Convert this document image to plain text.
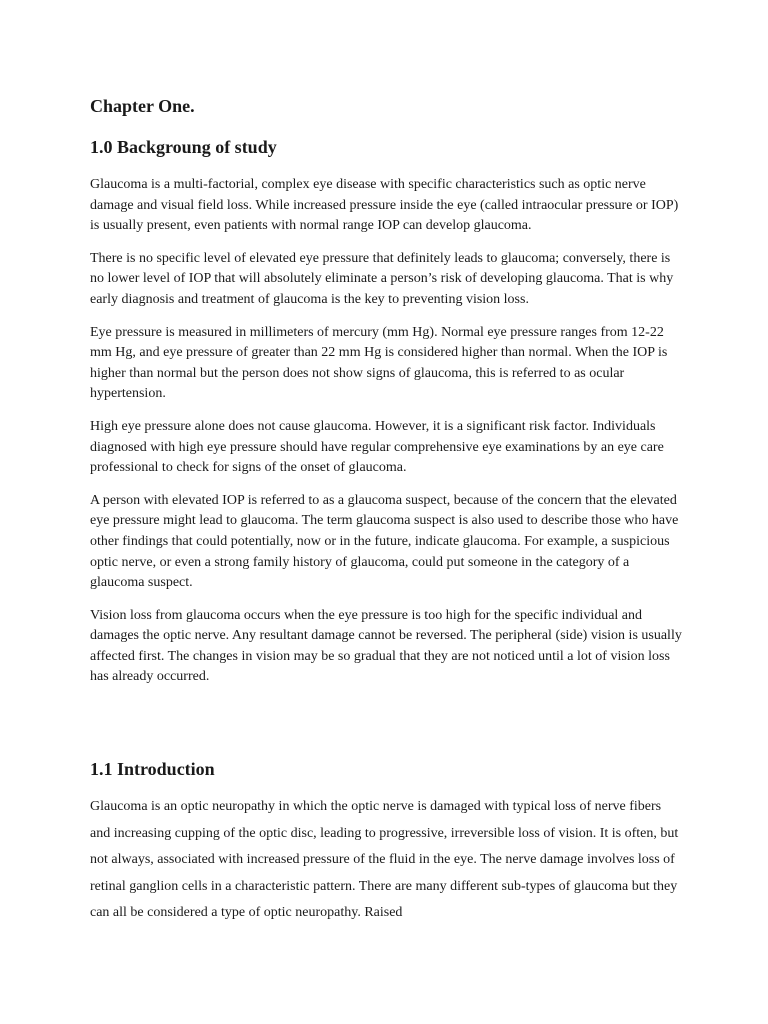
Chapter One.
1.0 Backgroung of study

Glaucoma is a multi-factorial, complex eye disease with specific characteristics such as optic nerve damage and visual field loss. While increased pressure inside the eye (called intraocular pressure or IOP) is usually present, even patients with normal range IOP can develop glaucoma.

There is no specific level of elevated eye pressure that definitely leads to glaucoma; conversely, there is no lower level of IOP that will absolutely eliminate a person’s risk of developing glaucoma. That is why early diagnosis and treatment of glaucoma is the key to preventing vision loss.

Eye pressure is measured in millimeters of mercury (mm Hg). Normal eye pressure ranges from 12-22 mm Hg, and eye pressure of greater than 22 mm Hg is considered higher than normal. When the IOP is higher than normal but the person does not show signs of glaucoma, this is referred to as ocular hypertension.

High eye pressure alone does not cause glaucoma. However, it is a significant risk factor. Individuals diagnosed with high eye pressure should have regular comprehensive eye examinations by an eye care professional to check for signs of the onset of glaucoma.

A person with elevated IOP is referred to as a glaucoma suspect, because of the concern that the elevated eye pressure might lead to glaucoma. The term glaucoma suspect is also used to describe those who have other findings that could potentially, now or in the future, indicate glaucoma. For example, a suspicious optic nerve, or even a strong family history of glaucoma, could put someone in the category of a glaucoma suspect.

Vision loss from glaucoma occurs when the eye pressure is too high for the specific individual and damages the optic nerve. Any resultant damage cannot be reversed. The peripheral (side) vision is usually affected first. The changes in vision may be so gradual that they are not noticed until a lot of vision loss has already occurred.

1.1 Introduction

Glaucoma is an optic neuropathy in which the optic nerve is damaged with typical loss of nerve fibers and increasing cupping of the optic disc, leading to progressive, irreversible loss of vision. It is often, but not always, associated with increased pressure of the fluid in the eye. The nerve damage involves loss of retinal ganglion cells in a characteristic pattern. There are many different sub-types of glaucoma but they can all be considered a type of optic neuropathy. Raised
